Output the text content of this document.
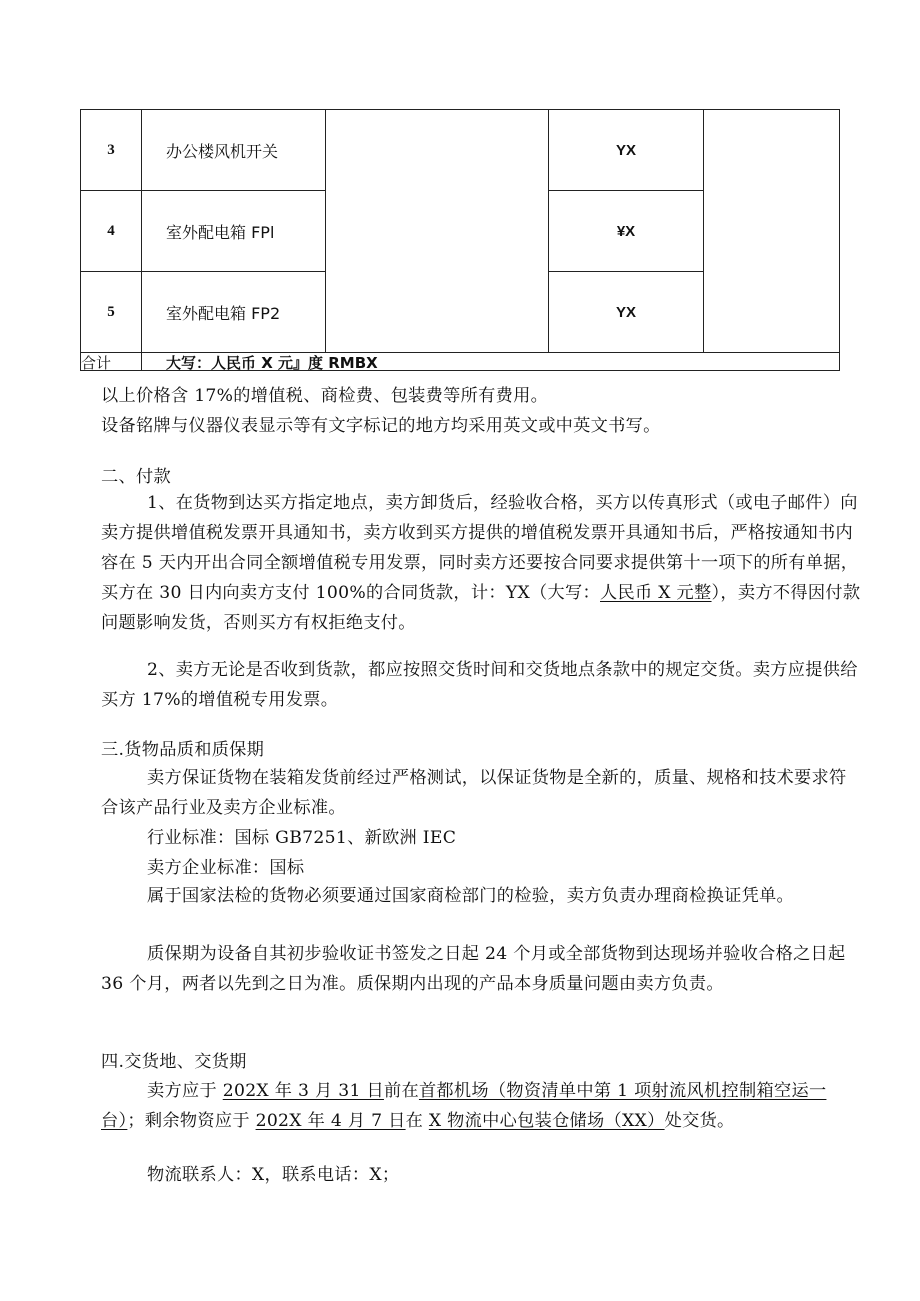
3	办公楼风机开关		YX	
4	室外配电箱 FPl		¥X	
5	室外配电箱 FP2		YX	
合计	大写：人民币 X 元』度 RMBX			

以上价格含 17%的增值税、商检费、包装费等所有费用。

设备铭牌与仪器仪表显示等有文字标记的地方均采用英文或中英文书写。

二、付款

1、在货物到达买方指定地点，卖方卸货后，经验收合格，买方以传真形式（或电子邮件）向卖方提供增值税发票开具通知书，卖方收到买方提供的增值税发票开具通知书后，严格按通知书内容在 5 天内开出合同全额增值税专用发票，同时卖方还要按合同要求提供第十一项下的所有单据，买方在 30 日内向卖方支付 100%的合同货款，计：YX（大写：人民币 X 元整），卖方不得因付款问题影响发货，否则买方有权拒绝支付。

2、卖方无论是否收到货款，都应按照交货时间和交货地点条款中的规定交货。卖方应提供给买方 17%的增值税专用发票。

三.货物品质和质保期

卖方保证货物在装箱发货前经过严格测试，以保证货物是全新的，质量、规格和技术要求符合该产品行业及卖方企业标准。

行业标准：国标 GB7251、新欧洲 IEC

卖方企业标准：国标

属于国家法检的货物必须要通过国家商检部门的检验，卖方负责办理商检换证凭单。

质保期为设备自其初步验收证书签发之日起 24 个月或全部货物到达现场并验收合格之日起 36 个月，两者以先到之日为准。质保期内出现的产品本身质量问题由卖方负责。

四.交货地、交货期

卖方应于 202X 年 3 月 31 日前在首都机场（物资清单中第 1 项射流风机控制箱空运一台）；剩余物资应于 202X 年 4 月 7 日在 X 物流中心包装仓储场（XX）处交货。

物流联系人：X，联系电话：X；
